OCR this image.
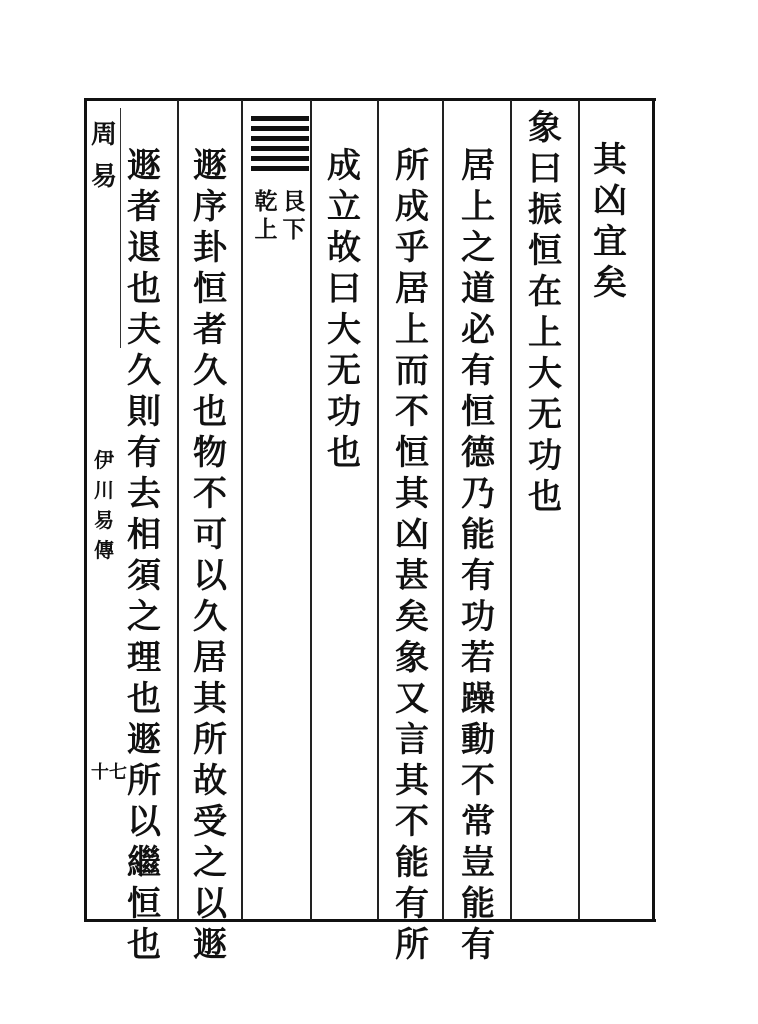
其
凶
宜
矣
象
曰
振
恒
在
上
大
无
功
也
居
上
之
道
必
有
恒
德
乃
能
有
功
若
躁
動
不
常
豈
能
有
所
成
乎
居
上
而
不
恒
其
凶
甚
矣
象
又
言
其
不
能
有
所
成
立
故
曰
大
无
功
也
遯
序
卦
恒
者
久
也
物
不
可
以
久
居
其
所
故
受
之
以
遯
遯
者
退
也
夫
久
則
有
去
相
須
之
理
也
遯
所
以
繼
恒
也
艮
下
乾
上
周
易
伊
川
易
傳
十七
